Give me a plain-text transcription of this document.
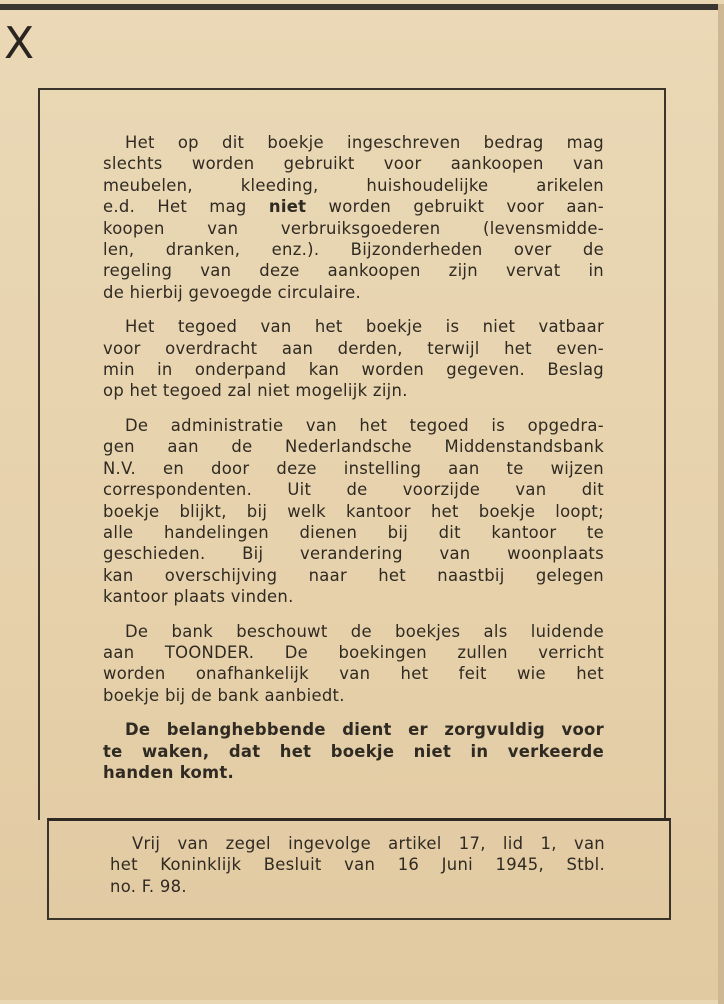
X
Het op dit boekje ingeschreven bedrag mag
slechts worden gebruikt voor aankoopen van
meubelen, kleeding, huishoudelijke arikelen
e.d. Het mag niet worden gebruikt voor aan-
koopen van verbruiksgoederen (levensmidde-
len, dranken, enz.). Bijzonderheden over de
regeling van deze aankoopen zijn vervat in
de hierbij gevoegde circulaire.
Het tegoed van het boekje is niet vatbaar
voor overdracht aan derden, terwijl het even-
min in onderpand kan worden gegeven. Beslag
op het tegoed zal niet mogelijk zijn.
De administratie van het tegoed is opgedra-
gen aan de Nederlandsche Middenstandsbank
N.V. en door deze instelling aan te wijzen
correspondenten. Uit de voorzijde van dit
boekje blijkt, bij welk kantoor het boekje loopt;
alle handelingen dienen bij dit kantoor te
geschieden. Bij verandering van woonplaats
kan overschijving naar het naastbij gelegen
kantoor plaats vinden.
De bank beschouwt de boekjes als luidende
aan TOONDER. De boekingen zullen verricht
worden onafhankelijk van het feit wie het
boekje bij de bank aanbiedt.
De belanghebbende dient er zorgvuldig voor
te waken, dat het boekje niet in verkeerde
handen komt.
Vrij van zegel ingevolge artikel 17, lid 1, van
het Koninklijk Besluit van 16 Juni 1945, Stbl.
no. F. 98.
